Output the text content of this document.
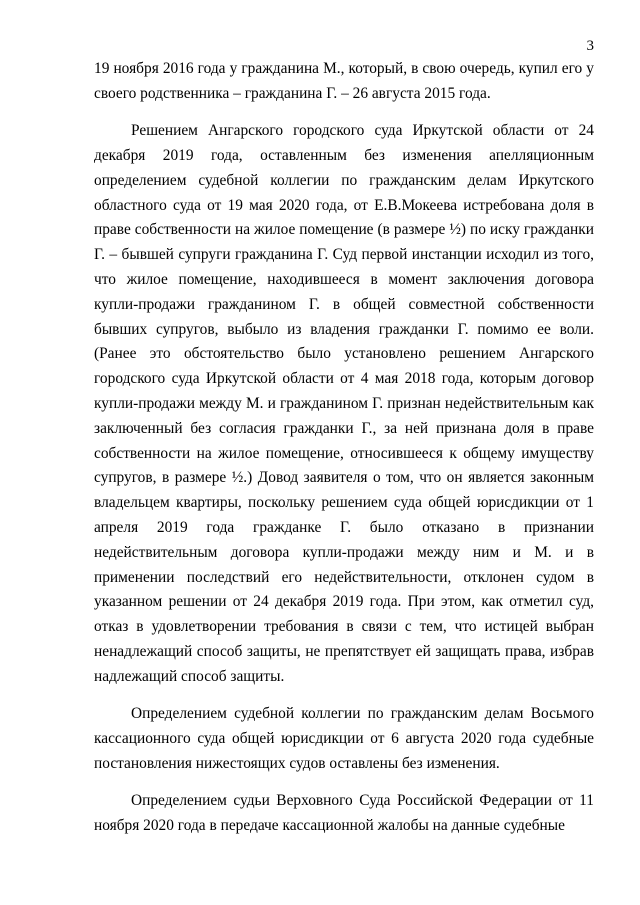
3

19 ноября 2016 года у гражданина М., который, в свою очередь, купил его у своего родственника – гражданина Г. – 26 августа 2015 года.

Решением Ангарского городского суда Иркутской области от 24 декабря 2019 года, оставленным без изменения апелляционным определением судебной коллегии по гражданским делам Иркутского областного суда от 19 мая 2020 года, от Е.В.Мокеева истребована доля в праве собственности на жилое помещение (в размере ½) по иску гражданки Г. – бывшей супруги гражданина Г. Суд первой инстанции исходил из того, что жилое помещение, находившееся в момент заключения договора купли-продажи гражданином Г. в общей совместной собственности бывших супругов, выбыло из владения гражданки Г. помимо ее воли. (Ранее это обстоятельство было установлено решением Ангарского городского суда Иркутской области от 4 мая 2018 года, которым договор купли-продажи между М. и гражданином Г. признан недействительным как заключенный без согласия гражданки Г., за ней признана доля в праве собственности на жилое помещение, относившееся к общему имуществу супругов, в размере ½.) Довод заявителя о том, что он является законным владельцем квартиры, поскольку решением суда общей юрисдикции от 1 апреля 2019 года гражданке Г. было отказано в признании недействительным договора купли-продажи между ним и М. и в применении последствий его недействительности, отклонен судом в указанном решении от 24 декабря 2019 года. При этом, как отметил суд, отказ в удовлетворении требования в связи с тем, что истицей выбран ненадлежащий способ защиты, не препятствует ей защищать права, избрав надлежащий способ защиты.

Определением судебной коллегии по гражданским делам Восьмого кассационного суда общей юрисдикции от 6 августа 2020 года судебные постановления нижестоящих судов оставлены без изменения.

Определением судьи Верховного Суда Российской Федерации от 11 ноября 2020 года в передаче кассационной жалобы на данные судебные
